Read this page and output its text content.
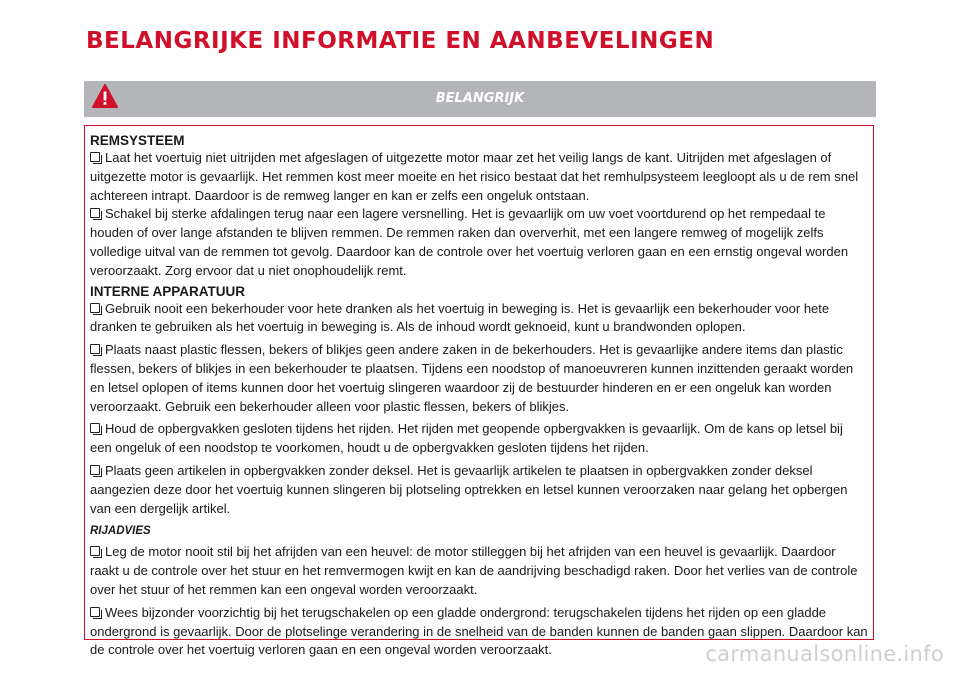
BELANGRIJKE INFORMATIE EN AANBEVELINGEN
BELANGRIJK
REMSYSTEEM

Laat het voertuig niet uitrijden met afgeslagen of uitgezette motor maar zet het veilig langs de kant. Uitrijden met afgeslagen of uitgezette motor is gevaarlijk. Het remmen kost meer moeite en het risico bestaat dat het remhulpsysteem leegloopt als u de rem snel achtereen intrapt. Daardoor is de remweg langer en kan er zelfs een ongeluk ontstaan.

Schakel bij sterke afdalingen terug naar een lagere versnelling. Het is gevaarlijk om uw voet voortdurend op het rempedaal te houden of over lange afstanden te blijven remmen. De remmen raken dan oververhit, met een langere remweg of mogelijk zelfs volledige uitval van de remmen tot gevolg. Daardoor kan de controle over het voertuig verloren gaan en een ernstig ongeval worden veroorzaakt. Zorg ervoor dat u niet onophoudelijk remt.

INTERNE APPARATUUR

Gebruik nooit een bekerhouder voor hete dranken als het voertuig in beweging is. Het is gevaarlijk een bekerhouder voor hete dranken te gebruiken als het voertuig in beweging is. Als de inhoud wordt geknoeid, kunt u brandwonden oplopen.

Plaats naast plastic flessen, bekers of blikjes geen andere zaken in de bekerhouders. Het is gevaarlijke andere items dan plastic flessen, bekers of blikjes in een bekerhouder te plaatsen. Tijdens een noodstop of manoeuvreren kunnen inzittenden geraakt worden en letsel oplopen of items kunnen door het voertuig slingeren waardoor zij de bestuurder hinderen en er een ongeluk kan worden veroorzaakt. Gebruik een bekerhouder alleen voor plastic flessen, bekers of blikjes.

Houd de opbergvakken gesloten tijdens het rijden. Het rijden met geopende opbergvakken is gevaarlijk. Om de kans op letsel bij een ongeluk of een noodstop te voorkomen, houdt u de opbergvakken gesloten tijdens het rijden.

Plaats geen artikelen in opbergvakken zonder deksel. Het is gevaarlijk artikelen te plaatsen in opbergvakken zonder deksel aangezien deze door het voertuig kunnen slingeren bij plotseling optrekken en letsel kunnen veroorzaken naar gelang het opbergen van een dergelijk artikel.

RIJADVIES

Leg de motor nooit stil bij het afrijden van een heuvel: de motor stilleggen bij het afrijden van een heuvel is gevaarlijk. Daardoor raakt u de controle over het stuur en het remvermogen kwijt en kan de aandrijving beschadigd raken. Door het verlies van de controle over het stuur of het remmen kan een ongeval worden veroorzaakt.

Wees bijzonder voorzichtig bij het terugschakelen op een gladde ondergrond: terugschakelen tijdens het rijden op een gladde ondergrond is gevaarlijk. Door de plotselinge verandering in de snelheid van de banden kunnen de banden gaan slippen. Daardoor kan de controle over het voertuig verloren gaan en een ongeval worden veroorzaakt.	carmanualsonline.info
